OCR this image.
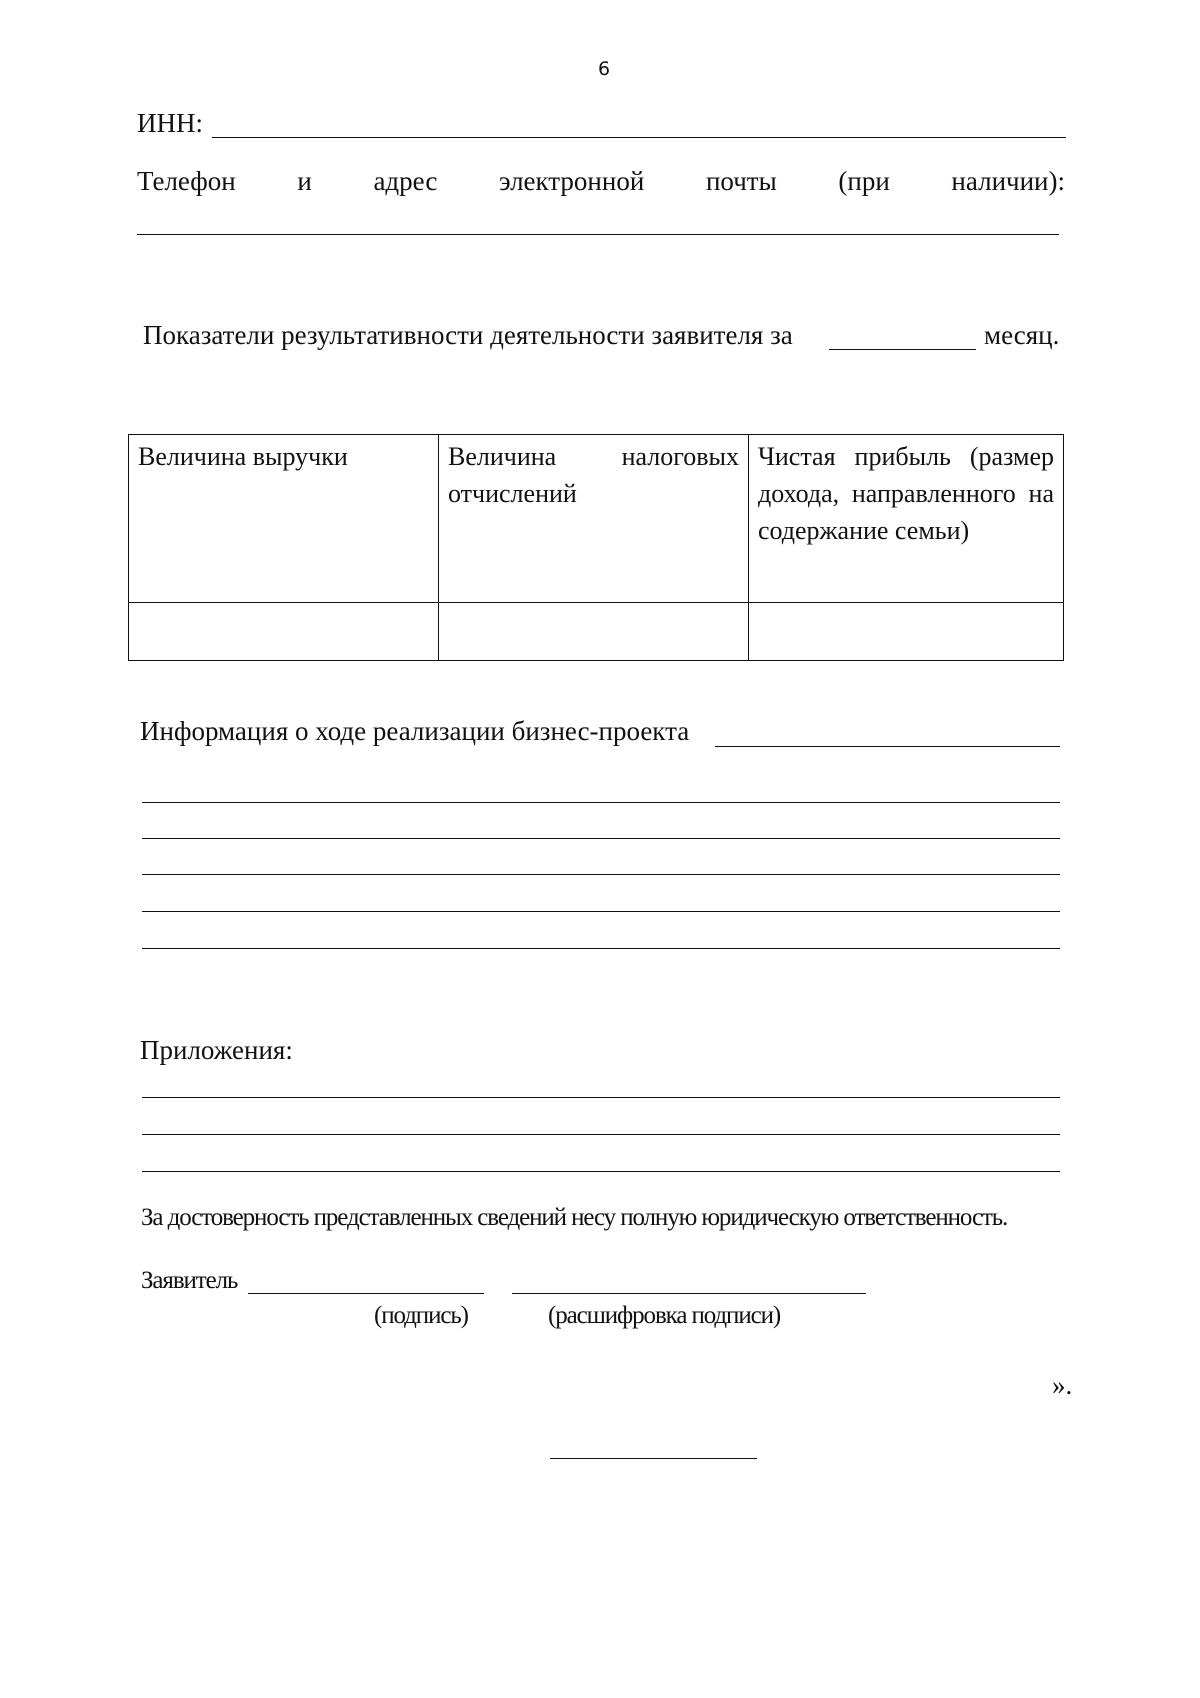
6
ИНН:
Телефон и адрес электронной почты (при наличии):
Показатели результативности деятельности заявителя за	месяц.
Величина выручки	Величина налоговых отчислений	Чистая прибыль (размер дохода, направленного на содержание семьи)

Информация о ходе реализации бизнес-проекта
Приложения:
За достоверность представленных сведений несу полную юридическую ответственность.
Заявитель
(подпись)	(расшифровка подписи)
».
